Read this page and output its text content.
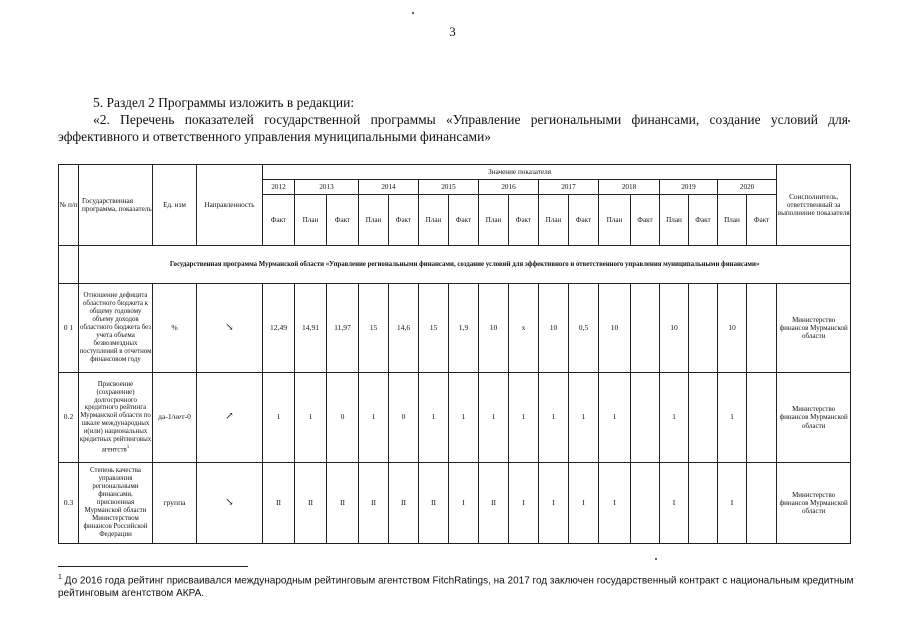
3
5. Раздел 2 Программы изложить в редакции:
«2. Перечень показателей государственной программы «Управление региональными финансами, создание условий для эффективного и ответственного управления муниципальными финансами»
№ п/п	Государственная программа, показатель	Ед. изм	Направленность	Значение показателя																	Соисполнитель, ответственный за выполнение показателя
				2012	2013		2014		2015		2016		2017		2018		2019		2020		
				Факт	План	Факт	План	Факт	План	Факт	План	Факт	План	Факт	План	Факт	План	Факт	План	Факт	
	Государственная программа Мурманской области «Управление региональными финансами, создание условий для эффективного и ответственного управления муниципальными финансами»																				
0 1	Отношение дефицита областного бюджета к общему годовому объему доходов областного бюджета без учета объема безвозмездных поступлений в отчетном финансовом году	%	↘	12,49	14,91	11,97	15	14,6	15	1,9	10	x	10	0,5	10		10		10		Министерство финансов Мурманской области
0.2	Присвоение (сохранение) долгосрочного кредитного рейтинга Мурманской области по шкале международных и(или) национальных кредитных рейтинговых агентств$^1$	да-1/нет-0	↗	1	1	0	1	0	1	1	1	1	1	1	1		1		1		Министерство финансов Мурманской области
0.3	Степень качества управления региональными финансами, присвоенная Мурманской области Министерством финансов Российской Федерации	группа	↘	II	II	II	II	II	II	I	II	I	I	I	I		I		I		Министерство финансов Мурманской области
$^1$ До 2016 года рейтинг присваивался международным рейтинговым агентством FitchRatings, на 2017 год заключен государственный контракт с национальным кредитным рейтинговым агентством АКРА.
